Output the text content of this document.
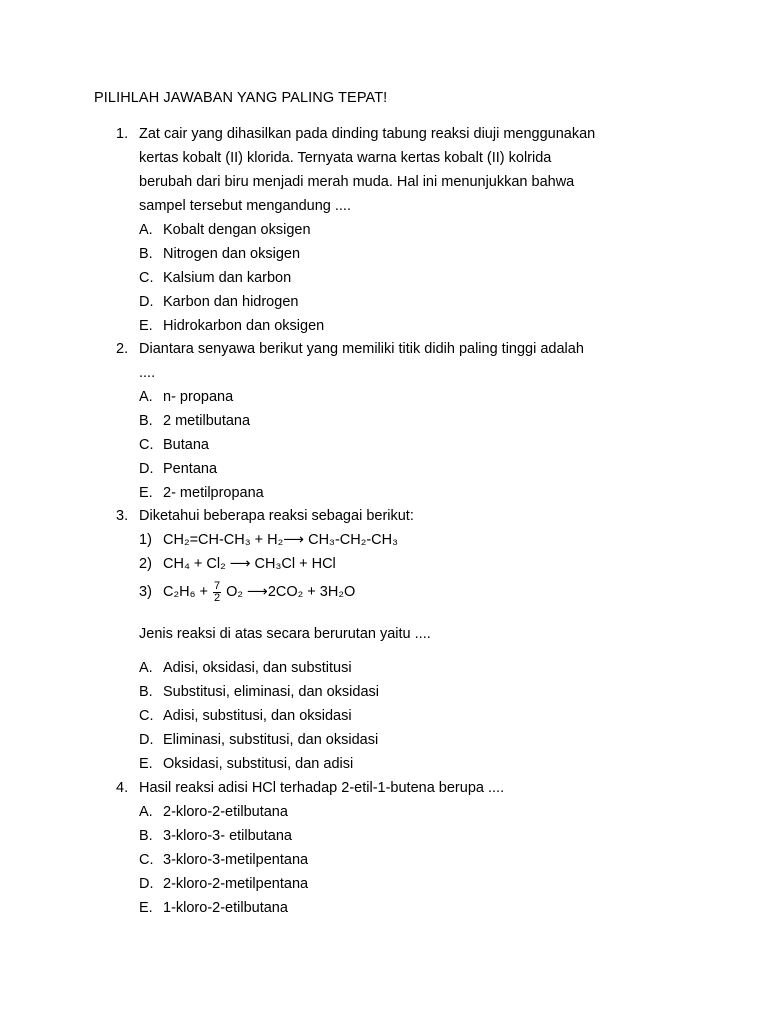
PILIHLAH JAWABAN YANG PALING TEPAT!
1. Zat cair yang dihasilkan pada dinding tabung reaksi diuji menggunakan
kertas kobalt (II) klorida. Ternyata warna kertas kobalt (II) kolrida
berubah dari biru menjadi merah muda. Hal ini menunjukkan bahwa
sampel tersebut mengandung ....
A. Kobalt dengan oksigen
B. Nitrogen dan oksigen
C. Kalsium dan karbon
D. Karbon dan hidrogen
E. Hidrokarbon dan oksigen
2. Diantara senyawa berikut yang memiliki titik didih paling tinggi adalah
....
A. n- propana
B. 2 metilbutana
C. Butana
D. Pentana
E. 2- metilpropana
3. Diketahui beberapa reaksi sebagai berikut:
1) CH₂=CH-CH₃ + H₂⟶ CH₃-CH₂-CH₃
2) CH₄ + Cl₂ ⟶ CH₃Cl + HCl
3) $C_2H_6 + \frac{7}{2} O_2$ ⟶2CO₂ + 3H₂O
Jenis reaksi di atas secara berurutan yaitu ....
A. Adisi, oksidasi, dan substitusi
B. Substitusi, eliminasi, dan oksidasi
C. Adisi, substitusi, dan oksidasi
D. Eliminasi, substitusi, dan oksidasi
E. Oksidasi, substitusi, dan adisi
4. Hasil reaksi adisi HCl terhadap 2-etil-1-butena berupa ....
A. 2-kloro-2-etilbutana
B. 3-kloro-3- etilbutana
C. 3-kloro-3-metilpentana
D. 2-kloro-2-metilpentana
E. 1-kloro-2-etilbutana
